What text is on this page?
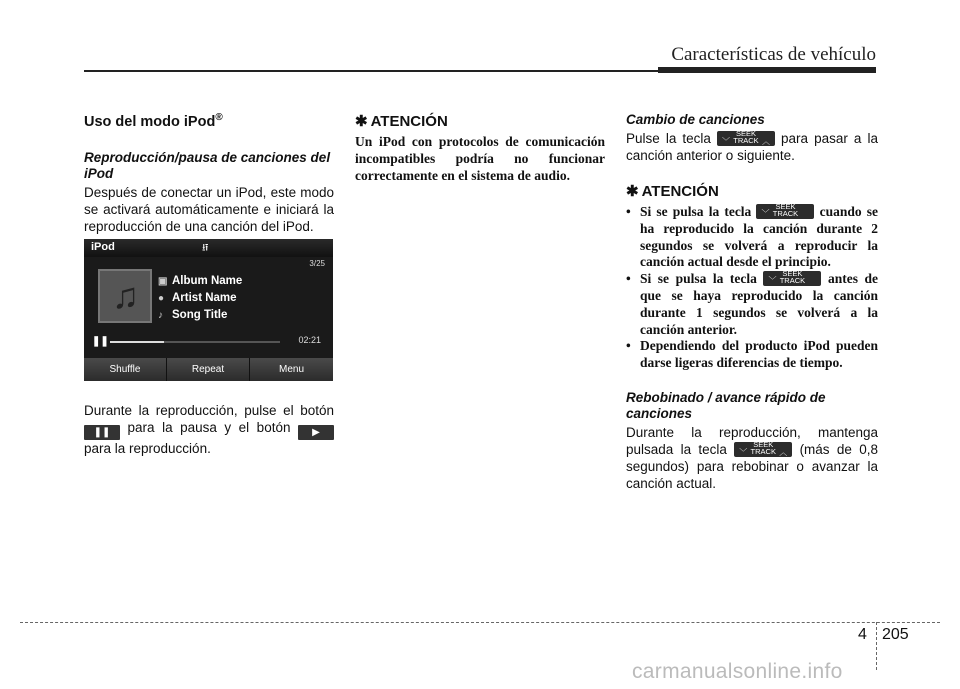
Características de vehículo
Uso del modo iPod®
Reproducción/pausa de canciones del iPod
Después de conectar un iPod, este modo se activará automáticamente e iniciará la reproducción de una canción del iPod.
iPod	⭿
3/25
♫ ▣ Album Name
● Artist Name
♪ Song Title
❚❚	02:21
Shuffle	Repeat	Menu
Durante la reproducción, pulse el botón ❚❚ para la pausa y el botón ▶ para la reproducción.
✱ ATENCIÓN
Un iPod con protocolos de comunicación incompatibles podría no funcionar correctamente en el sistema de audio.
Cambio de canciones
Pulse la tecla ﹀
SEEK
TRACK ︿ para pasar a la canción anterior o siguiente.
✱ ATENCIÓN
• Si se pulsa la tecla ﹀
SEEK
TRACK	cuando se ha reproducido la canción durante 2 segundos se volverá a reproducir la canción actual desde el principio.
• Si se pulsa la tecla ﹀
SEEK
TRACK	antes de que se haya reproducido la canción durante 1 segundos se volverá a la canción anterior.
• Dependiendo del producto iPod pueden darse ligeras diferencias de tiempo.
Rebobinado / avance rápido de canciones
Durante la reproducción, mantenga pulsada la tecla ﹀
SEEK
TRACK ︿ (más de 0,8 segundos) para rebobinar o avanzar la canción actual.
4 205
carmanualsonline.info
